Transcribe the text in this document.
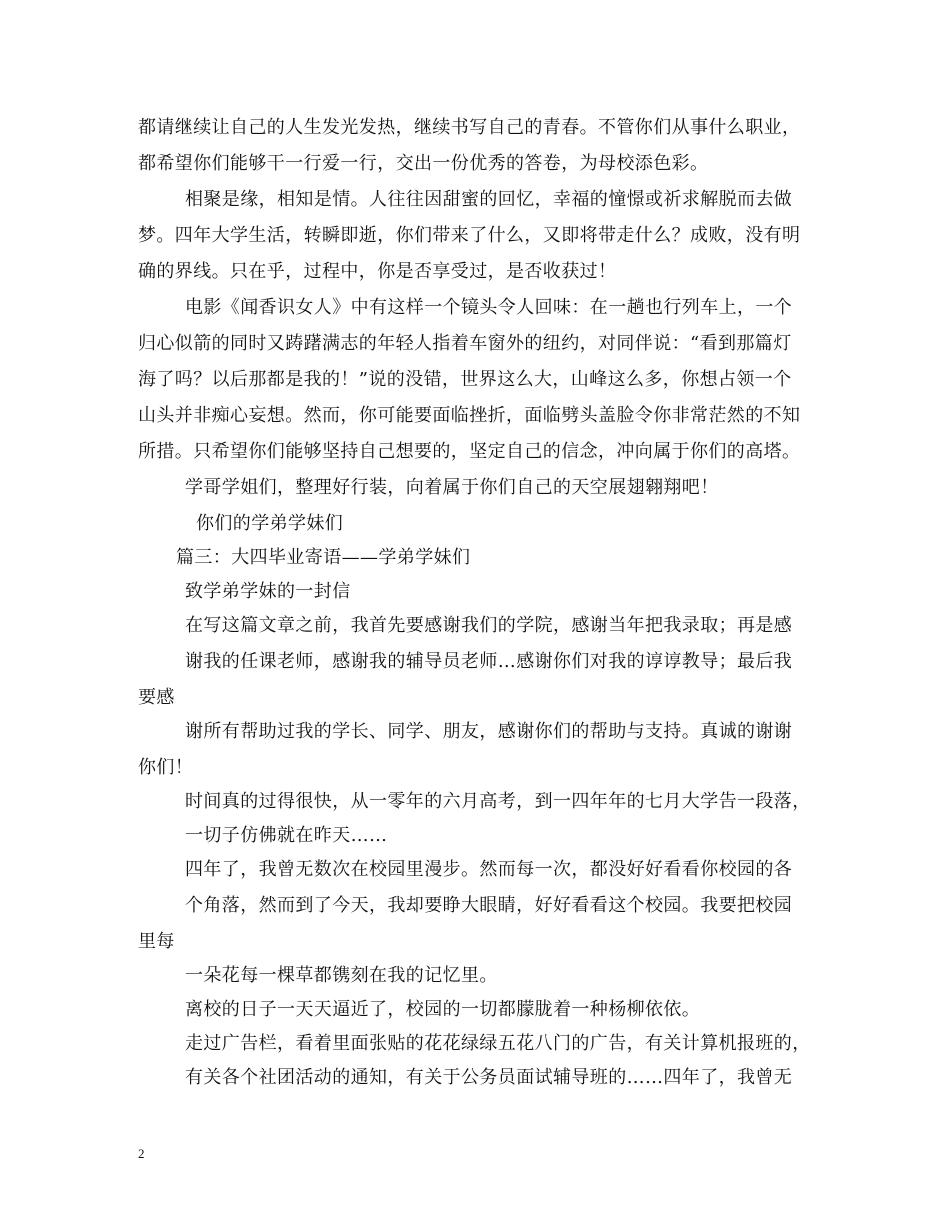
都请继续让自己的人生发光发热，继续书写自己的青春。不管你们从事什么职业，
都希望你们能够干一行爱一行，交出一份优秀的答卷，为母校添色彩。
相聚是缘，相知是情。人往往因甜蜜的回忆，幸福的憧憬或祈求解脱而去做
梦。四年大学生活，转瞬即逝，你们带来了什么，又即将带走什么？成败，没有明
确的界线。只在乎，过程中，你是否享受过，是否收获过！
电影《闻香识女人》中有这样一个镜头令人回味：在一趟也行列车上，一个
归心似箭的同时又踌躇满志的年轻人指着车窗外的纽约，对同伴说：“看到那篇灯
海了吗？以后那都是我的！”说的没错，世界这么大，山峰这么多，你想占领一个
山头并非痴心妄想。然而，你可能要面临挫折，面临劈头盖脸令你非常茫然的不知
所措。只希望你们能够坚持自己想要的，坚定自己的信念，冲向属于你们的高塔。
学哥学姐们，整理好行装，向着属于你们自己的天空展翅翱翔吧！
你们的学弟学妹们
篇三：大四毕业寄语——学弟学妹们
致学弟学妹的一封信
在写这篇文章之前，我首先要感谢我们的学院，感谢当年把我录取；再是感
谢我的任课老师，感谢我的辅导员老师…感谢你们对我的谆谆教导；最后我
要感
谢所有帮助过我的学长、同学、朋友，感谢你们的帮助与支持。真诚的谢谢
你们！
时间真的过得很快，从一零年的六月高考，到一四年年的七月大学告一段落，
一切子仿佛就在昨天……
四年了，我曾无数次在校园里漫步。然而每一次，都没好好看看你校园的各
个角落，然而到了今天，我却要睁大眼睛，好好看看这个校园。我要把校园
里每
一朵花每一棵草都镌刻在我的记忆里。
离校的日子一天天逼近了，校园的一切都朦胧着一种杨柳依依。
走过广告栏，看着里面张贴的花花绿绿五花八门的广告，有关计算机报班的，
有关各个社团活动的通知，有关于公务员面试辅导班的……四年了，我曾无
2
